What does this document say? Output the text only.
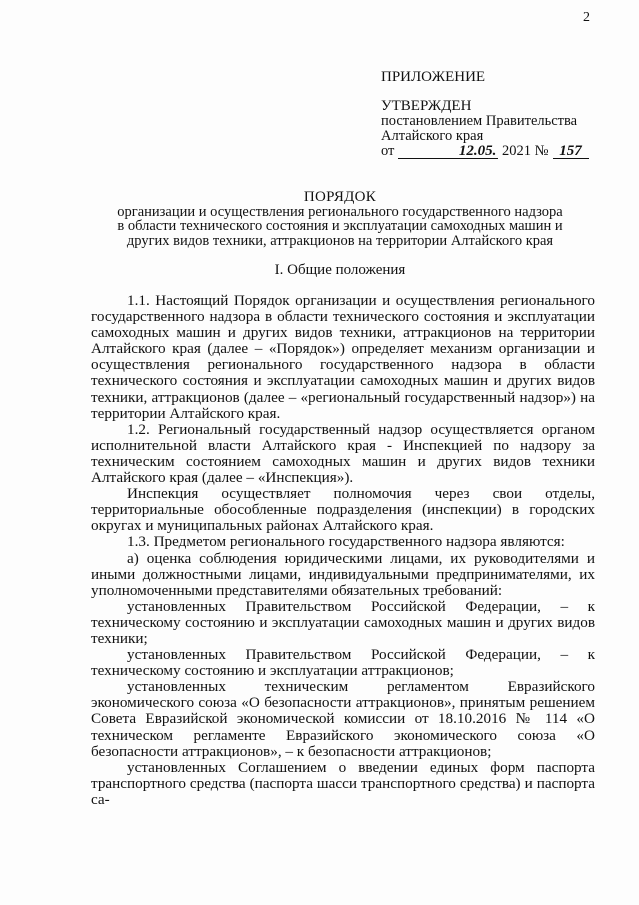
2
ПРИЛОЖЕНИЕ
УТВЕРЖДЕН
постановлением Правительства
Алтайского края
от	12.05. 2021 № 157
ПОРЯДОК
организации и осуществления регионального государственного надзора
в области технического состояния и эксплуатации самоходных машин и
других видов техники, аттракционов на территории Алтайского края
I. Общие положения

1.1. Настоящий Порядок организации и осуществления регионального государственного надзора в области технического состояния и эксплуатации самоходных машин и других видов техники, аттракционов на территории Алтайского края (далее – «Порядок») определяет механизм организации и осуществления регионального государственного надзора в области технического состояния и эксплуатации самоходных машин и других видов техники, аттракционов (далее – «региональный государственный надзор») на территории Алтайского края.

1.2. Региональный государственный надзор осуществляется органом исполнительной власти Алтайского края - Инспекцией по надзору за техническим состоянием самоходных машин и других видов техники Алтайского края (далее – «Инспекция»).

Инспекция осуществляет полномочия через свои отделы, территориальные обособленные подразделения (инспекции) в городских округах и муниципальных районах Алтайского края.

1.3. Предметом регионального государственного надзора являются:

а) оценка соблюдения юридическими лицами, их руководителями и иными должностными лицами, индивидуальными предпринимателями, их уполномоченными представителями обязательных требований:

установленных Правительством Российской Федерации, – к техническому состоянию и эксплуатации самоходных машин и других видов техники;

установленных Правительством Российской Федерации, – к техническому состоянию и эксплуатации аттракционов;

установленных техническим регламентом Евразийского экономического союза «О безопасности аттракционов», принятым решением Совета Евразийской экономической комиссии от 18.10.2016 № 114 «О техническом регламенте Евразийского экономического союза «О безопасности аттракционов», – к безопасности аттракционов;

установленных Соглашением о введении единых форм паспорта транспортного средства (паспорта шасси транспортного средства) и паспорта са-
